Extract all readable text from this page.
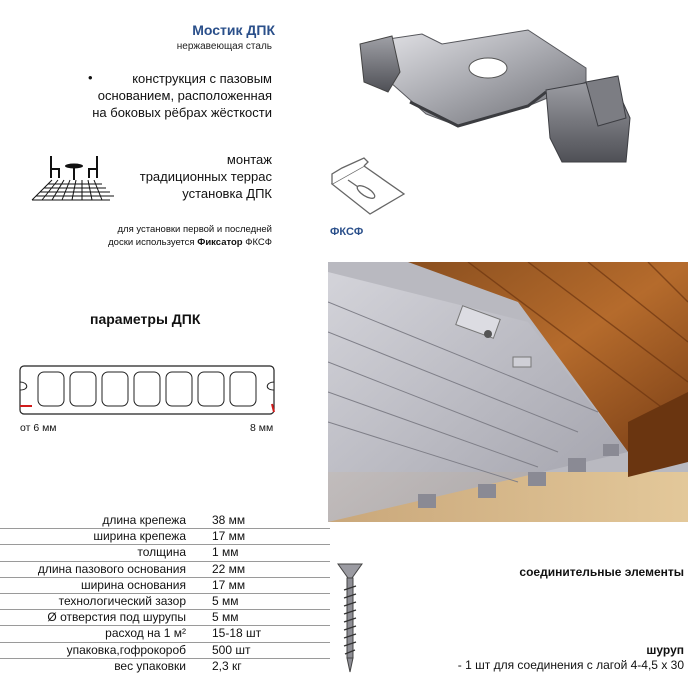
Мостик ДПК
нержавеющая сталь
•	конструкция с пазовым
основанием, расположенная
на боковых рёбрах жёсткости
монтаж
традиционных террас
установка ДПК
для установки первой и последней
доски используется Фиксатор ФКСФ
ФКСФ
параметры ДПК
от 6 мм	8 мм
длина крепежа 38 мм
ширина крепежа 17 мм
толщина 1 мм
длина пазового основания 22 мм
ширина основания 17 мм
технологический зазор 5 мм
Ø отверстия под шурупы 5 мм
расход на 1 м² 15-18 шт
упаковка,гофрокороб 500 шт
вес упаковки 2,3 кг
соединительные элементы
шуруп
- 1 шт для соединения с лагой 4-4,5 х 30
